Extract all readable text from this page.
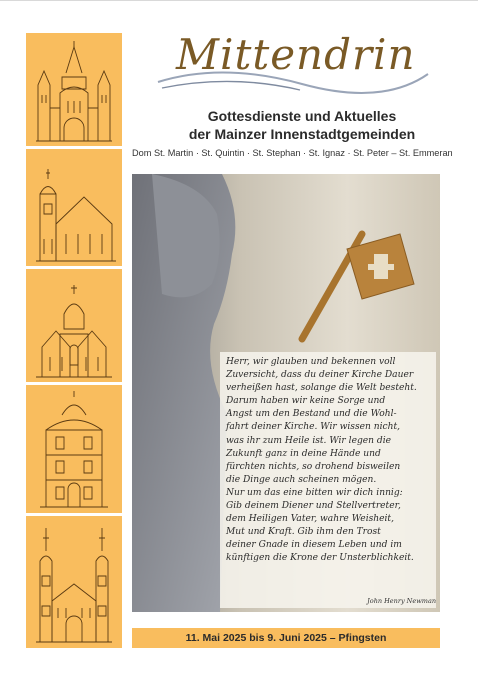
Mittendrin
Gottesdienste und Aktuelles
der Mainzer Innenstadtgemeinden
Dom St. Martin · St. Quintin · St. Stephan · St. Ignaz · St. Peter – St. Emmeran
Herr, wir glauben und bekennen voll
Zuversicht, dass du deiner Kirche Dauer
verheißen hast, solange die Welt besteht.
Darum haben wir keine Sorge und
Angst um den Bestand und die Wohl-
fahrt deiner Kirche. Wir wissen nicht,
was ihr zum Heile ist. Wir legen die
Zukunft ganz in deine Hände und
fürchten nichts, so drohend bisweilen
die Dinge auch scheinen mögen.
Nur um das eine bitten wir dich innig:
Gib deinem Diener und Stellvertreter,
dem Heiligen Vater, wahre Weisheit,
Mut und Kraft. Gib ihm den Trost
deiner Gnade in diesem Leben und im
künftigen die Krone der Unsterblichkeit.
John Henry Newman
11. Mai 2025 bis 9. Juni 2025 – Pfingsten
